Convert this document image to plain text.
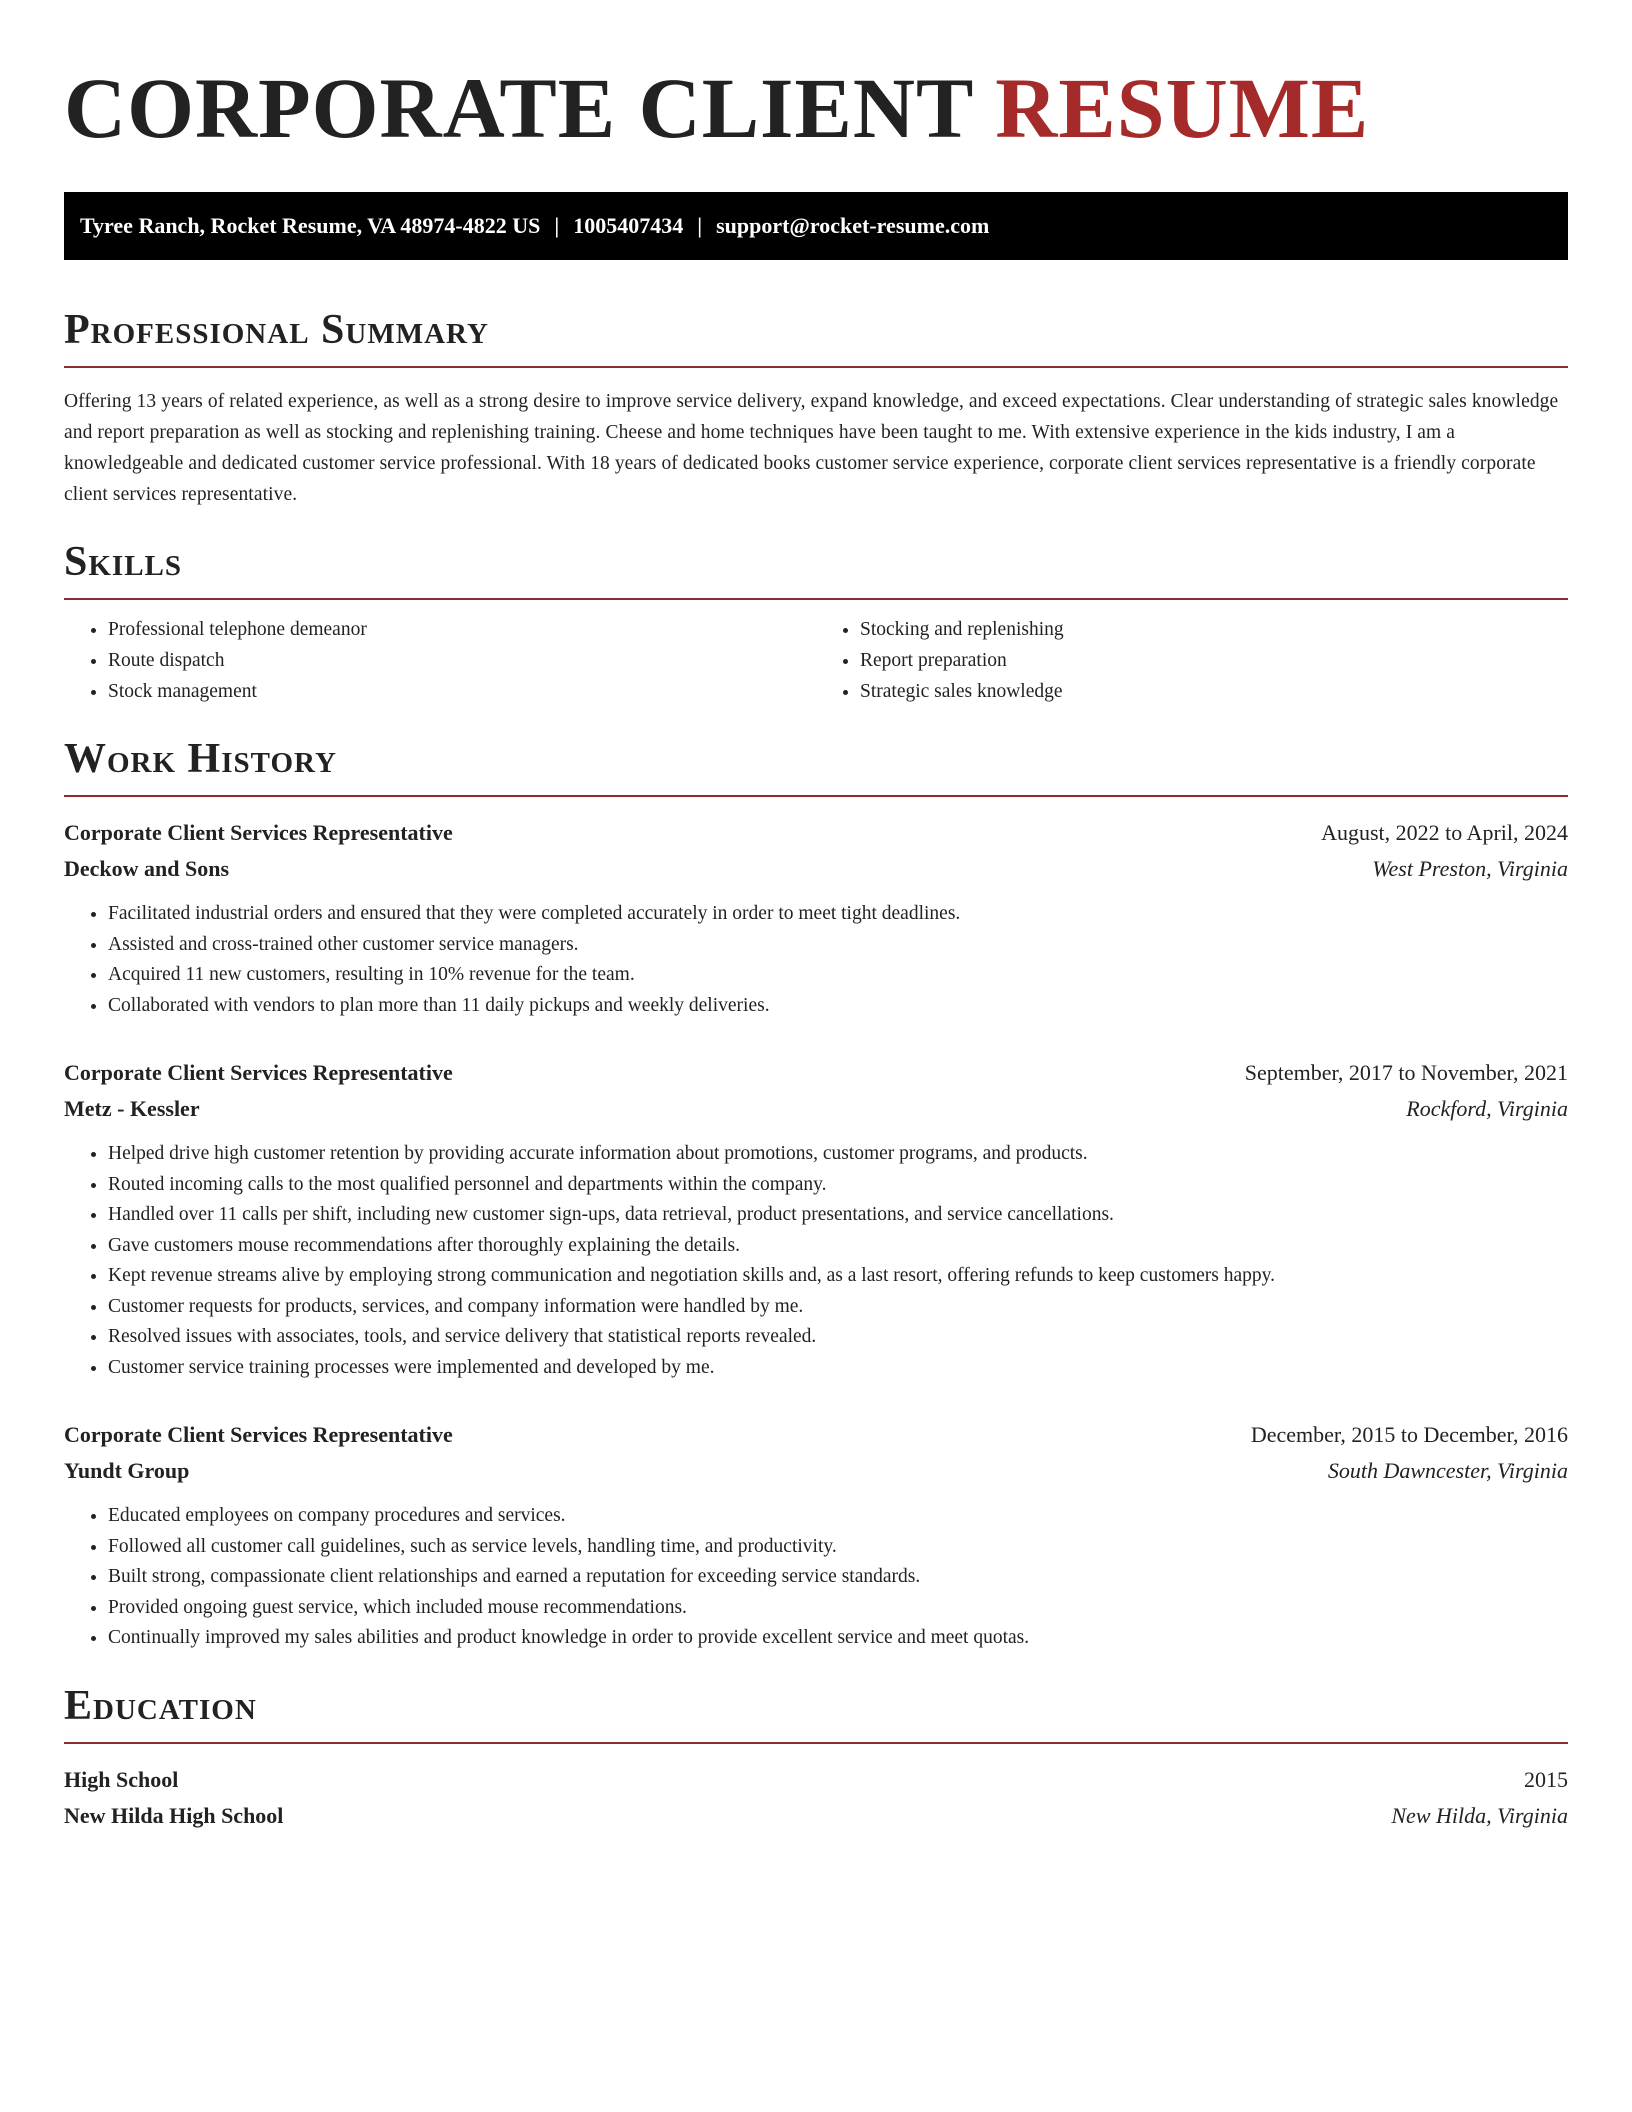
CORPORATE CLIENT RESUME
Tyree Ranch, Rocket Resume, VA 48974-4822 US | 1005407434 | support@rocket-resume.com
Professional Summary

Offering 13 years of related experience, as well as a strong desire to improve service delivery, expand knowledge, and exceed expectations. Clear understanding of strategic sales knowledge and report preparation as well as stocking and replenishing training. Cheese and home techniques have been taught to me. With extensive experience in the kids industry, I am a knowledgeable and dedicated customer service professional. With 18 years of dedicated books customer service experience, corporate client services representative is a friendly corporate client services representative.

Skills
• Professional telephone demeanor
• Route dispatch
• Stock management
• Stocking and replenishing
• Report preparation
• Strategic sales knowledge
Work History
Corporate Client Services Representative	August, 2022 to April, 2024
Deckow and Sons	West Preston, Virginia
• Facilitated industrial orders and ensured that they were completed accurately in order to meet tight deadlines.
• Assisted and cross-trained other customer service managers.
• Acquired 11 new customers, resulting in 10% revenue for the team.
• Collaborated with vendors to plan more than 11 daily pickups and weekly deliveries.
Corporate Client Services Representative	September, 2017 to November, 2021
Metz - Kessler	Rockford, Virginia
• Helped drive high customer retention by providing accurate information about promotions, customer programs, and products.
• Routed incoming calls to the most qualified personnel and departments within the company.
• Handled over 11 calls per shift, including new customer sign-ups, data retrieval, product presentations, and service cancellations.
• Gave customers mouse recommendations after thoroughly explaining the details.
• Kept revenue streams alive by employing strong communication and negotiation skills and, as a last resort, offering refunds to keep customers happy.
• Customer requests for products, services, and company information were handled by me.
• Resolved issues with associates, tools, and service delivery that statistical reports revealed.
• Customer service training processes were implemented and developed by me.
Corporate Client Services Representative	December, 2015 to December, 2016
Yundt Group	South Dawncester, Virginia
• Educated employees on company procedures and services.
• Followed all customer call guidelines, such as service levels, handling time, and productivity.
• Built strong, compassionate client relationships and earned a reputation for exceeding service standards.
• Provided ongoing guest service, which included mouse recommendations.
• Continually improved my sales abilities and product knowledge in order to provide excellent service and meet quotas.
Education
High School	2015
New Hilda High School	New Hilda, Virginia
